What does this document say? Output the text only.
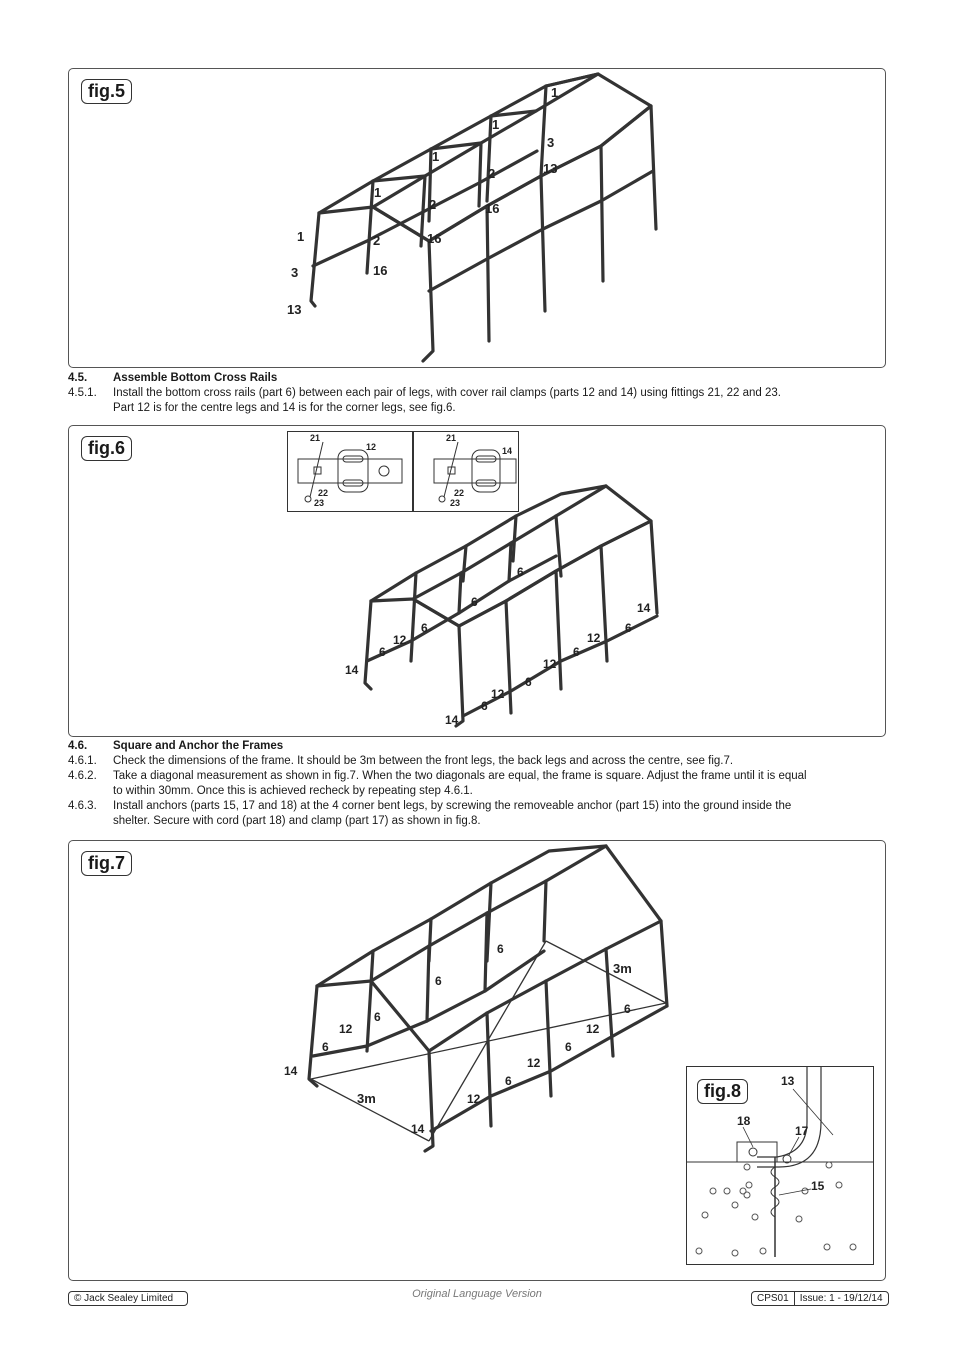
fig.5
1
1
1
1
1
3
3
13
13
2
2
2
16
16
16
4.5.	Assemble Bottom Cross Rails
4.5.1.	Install the bottom cross rails (part 6) between each pair of legs, with cover rail clamps (parts 12 and 14) using fittings 21, 22 and 23.
Part 12 is for the centre legs and 14 is for the corner legs, see fig.6.
fig.6	21
12
22
23
21
14
22
23
6
6
6	6
12
6
14
12
6
12
6
12
6
14
14
4.6.	Square and Anchor the Frames
4.6.1.	Check the dimensions of the frame. It should be 3m between the front legs, the back legs and across the centre, see fig.7.
4.6.2.	Take a diagonal measurement as shown in fig.7. When the two diagonals are equal, the frame is square. Adjust the frame until it is equal
to within 30mm. Once this is achieved recheck by repeating step 4.6.1.
4.6.3.	Install anchors (parts 15, 17 and 18) at the 4 corner bent legs, by screwing the removeable anchor (part 15) into the ground inside the
shelter. Secure with cord (part 18) and clamp (part 17) as shown in fig.8.
fig.7
6
6
3m
6
12
6
12
6
14
12
6
3m	12
6
14
fig.8	13
18
17
15
© Jack Sealey Limited	Original Language Version	CPS01	Issue: 1 - 19/12/14
